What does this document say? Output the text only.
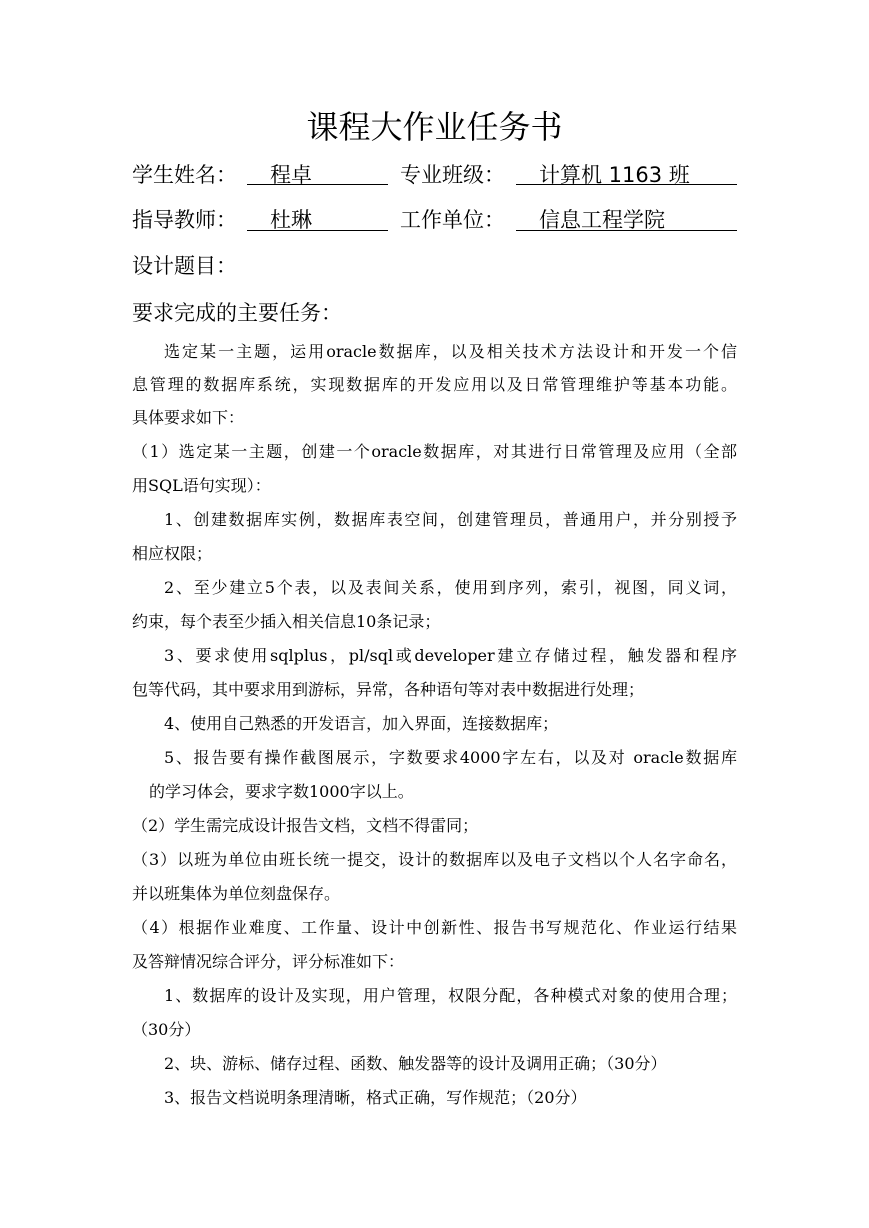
课程大作业任务书
学生姓名： 程卓	专业班级： 计算机 1163 班
指导教师： 杜琳	工作单位： 信息工程学院
设计题目：
要求完成的主要任务：
选定某一主题，运用oracle数据库，以及相关技术方法设计和开发一个信
息管理的数据库系统，实现数据库的开发应用以及日常管理维护等基本功能。
具体要求如下：
（1）选定某一主题，创建一个oracle数据库，对其进行日常管理及应用（全部
用SQL语句实现）：
1、创建数据库实例，数据库表空间，创建管理员，普通用户，并分别授予
相应权限；
2、至少建立5个表，以及表间关系，使用到序列，索引，视图，同义词，
约束，每个表至少插入相关信息10条记录；
3、要求使用sqlplus，pl/sql或developer建立存储过程，触发器和程序
包等代码，其中要求用到游标，异常，各种语句等对表中数据进行处理；
4、使用自己熟悉的开发语言，加入界面，连接数据库；
5、报告要有操作截图展示，字数要求4000字左右，以及对 oracle数据库
的学习体会，要求字数1000字以上。
（2）学生需完成设计报告文档，文档不得雷同；
（3）以班为单位由班长统一提交，设计的数据库以及电子文档以个人名字命名，
并以班集体为单位刻盘保存。
（4）根据作业难度、工作量、设计中创新性、报告书写规范化、作业运行结果
及答辩情况综合评分，评分标准如下：
1、数据库的设计及实现，用户管理，权限分配，各种模式对象的使用合理；
（30分）
2、块、游标、储存过程、函数、触发器等的设计及调用正确；（30分）
3、报告文档说明条理清晰，格式正确，写作规范；（20分）
